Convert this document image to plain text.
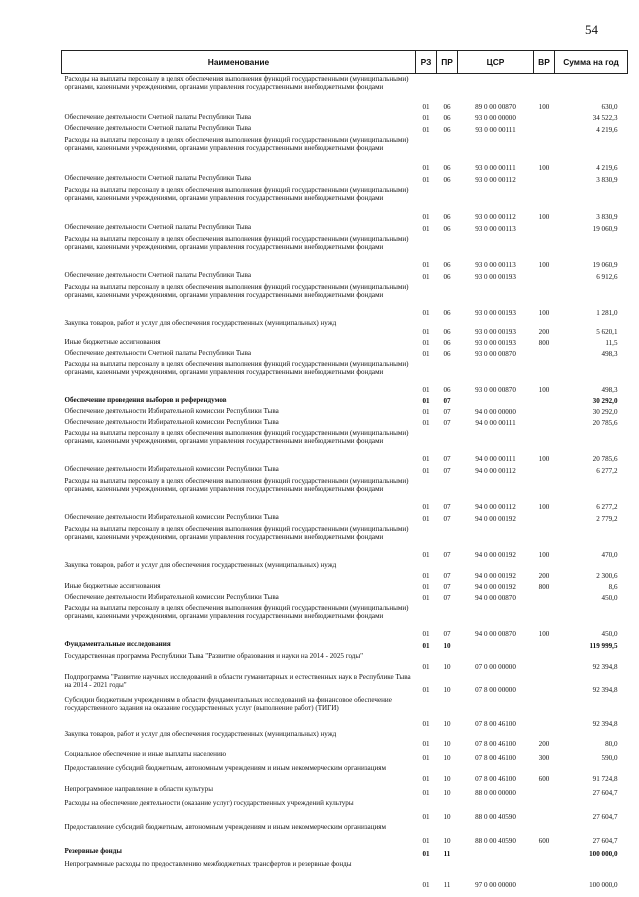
54
Наименование	РЗ	ПР	ЦСР	ВР	Сумма на год
Расходы на выплаты персоналу в целях обеспечения выполнения функций государственными (муниципальными) органами, казенными учреждениями, органами управления государственными внебюджетными фондами	01	06	89 0 00 00870	100	630,0
Обеспечение деятельности Счетной палаты Республики Тыва	01	06	93 0 00 00000		34 522,3
Обеспечение деятельности Счетной палаты Республики Тыва	01	06	93 0 00 00111		4 219,6
Расходы на выплаты персоналу в целях обеспечения выполнения функций государственными (муниципальными) органами, казенными учреждениями, органами управления государственными внебюджетными фондами	01	06	93 0 00 00111	100	4 219,6
Обеспечение деятельности Счетной палаты Республики Тыва	01	06	93 0 00 00112		3 830,9
Расходы на выплаты персоналу в целях обеспечения выполнения функций государственными (муниципальными) органами, казенными учреждениями, органами управления государственными внебюджетными фондами	01	06	93 0 00 00112	100	3 830,9
Обеспечение деятельности Счетной палаты Республики Тыва	01	06	93 0 00 00113		19 060,9
Расходы на выплаты персоналу в целях обеспечения выполнения функций государственными (муниципальными) органами, казенными учреждениями, органами управления государственными внебюджетными фондами	01	06	93 0 00 00113	100	19 060,9
Обеспечение деятельности Счетной палаты Республики Тыва	01	06	93 0 00 00193		6 912,6
Расходы на выплаты персоналу в целях обеспечения выполнения функций государственными (муниципальными) органами, казенными учреждениями, органами управления государственными внебюджетными фондами	01	06	93 0 00 00193	100	1 281,0
Закупка товаров, работ и услуг для обеспечения государственных (муниципальных) нужд	01	06	93 0 00 00193	200	5 620,1
Иные бюджетные ассигнования	01	06	93 0 00 00193	800	11,5
Обеспечение деятельности Счетной палаты Республики Тыва	01	06	93 0 00 00870		498,3
Расходы на выплаты персоналу в целях обеспечения выполнения функций государственными (муниципальными) органами, казенными учреждениями, органами управления государственными внебюджетными фондами	01	06	93 0 00 00870	100	498,3
Обеспечение проведения выборов и референдумов	01	07			30 292,0
Обеспечение деятельности Избирательной комиссии Республики Тыва	01	07	94 0 00 00000		30 292,0
Обеспечение деятельности Избирательной комиссии Республики Тыва	01	07	94 0 00 00111		20 785,6
Расходы на выплаты персоналу в целях обеспечения выполнения функций государственными (муниципальными) органами, казенными учреждениями, органами управления государственными внебюджетными фондами	01	07	94 0 00 00111	100	20 785,6
Обеспечение деятельности Избирательной комиссии Республики Тыва	01	07	94 0 00 00112		6 277,2
Расходы на выплаты персоналу в целях обеспечения выполнения функций государственными (муниципальными) органами, казенными учреждениями, органами управления государственными внебюджетными фондами	01	07	94 0 00 00112	100	6 277,2
Обеспечение деятельности Избирательной комиссии Республики Тыва	01	07	94 0 00 00192		2 779,2
Расходы на выплаты персоналу в целях обеспечения выполнения функций государственными (муниципальными) органами, казенными учреждениями, органами управления государственными внебюджетными фондами	01	07	94 0 00 00192	100	470,0
Закупка товаров, работ и услуг для обеспечения государственных (муниципальных) нужд	01	07	94 0 00 00192	200	2 300,6
Иные бюджетные ассигнования	01	07	94 0 00 00192	800	8,6
Обеспечение деятельности Избирательной комиссии Республики Тыва	01	07	94 0 00 00870		450,0
Расходы на выплаты персоналу в целях обеспечения выполнения функций государственными (муниципальными) органами, казенными учреждениями, органами управления государственными внебюджетными фондами	01	07	94 0 00 00870	100	450,0
Фундаментальные исследования	01	10			119 999,5
Государственная программа Республики Тыва "Развитие образования и науки на 2014 - 2025 годы"	01	10	07 0 00 00000		92 394,8
Подпрограмма "Развитие научных исследований в области гуманитарных и естественных наук в Республике Тыва на 2014 - 2021 годы"	01	10	07 8 00 00000		92 394,8
Субсидии бюджетным учреждениям в области фундаментальных исследований на финансовое обеспечение государственного задания на оказание государственных услуг (выполнение работ) (ТИГИ)	01	10	07 8 00 46100		92 394,8
Закупка товаров, работ и услуг для обеспечения государственных (муниципальных) нужд	01	10	07 8 00 46100	200	80,0
Социальное обеспечение и иные выплаты населению	01	10	07 8 00 46100	300	590,0
Предоставление субсидий бюджетным, автономным учреждениям и иным некоммерческим организациям	01	10	07 8 00 46100	600	91 724,8
Непрограммное направление в области культуры	01	10	88 0 00 00000		27 604,7
Расходы на обеспечение деятельности (оказание услуг) государственных учреждений культуры	01	10	88 0 00 40590		27 604,7
Предоставление субсидий бюджетным, автономным учреждениям и иным некоммерческим организациям	01	10	88 0 00 40590	600	27 604,7
Резервные фонды	01	11			100 000,0
Непрограммные расходы по предоставлению межбюджетных трансфертов и резервные фонды	01	11	97 0 00 00000		100 000,0
